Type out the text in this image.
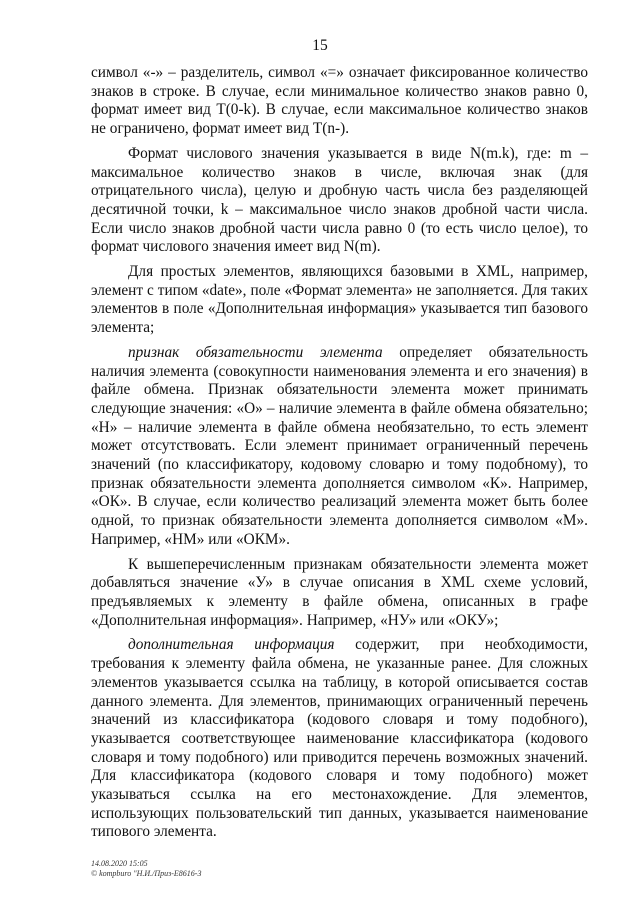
15

символ «-» – разделитель, символ «=» означает фиксированное количество знаков в строке. В случае, если минимальное количество знаков равно 0, формат имеет вид T(0-k). В случае, если максимальное количество знаков не ограничено, формат имеет вид T(n-).

Формат числового значения указывается в виде N(m.k), где: m – максимальное количество знаков в числе, включая знак (для отрицательного числа), целую и дробную часть числа без разделяющей десятичной точки, k – максимальное число знаков дробной части числа. Если число знаков дробной части числа равно 0 (то есть число целое), то формат числового значения имеет вид N(m).

Для простых элементов, являющихся базовыми в XML, например, элемент с типом «date», поле «Формат элемента» не заполняется. Для таких элементов в поле «Дополнительная информация» указывается тип базового элемента;

признак обязательности элемента определяет обязательность наличия элемента (совокупности наименования элемента и его значения) в файле обмена. Признак обязательности элемента может принимать следующие значения: «О» – наличие элемента в файле обмена обязательно; «Н» – наличие элемента в файле обмена необязательно, то есть элемент может отсутствовать. Если элемент принимает ограниченный перечень значений (по классификатору, кодовому словарю и тому подобному), то признак обязательности элемента дополняется символом «К». Например, «ОК». В случае, если количество реализаций элемента может быть более одной, то признак обязательности элемента дополняется символом «М». Например, «НМ» или «ОКМ».

К вышеперечисленным признакам обязательности элемента может добавляться значение «У» в случае описания в XML схеме условий, предъявляемых к элементу в файле обмена, описанных в графе «Дополнительная информация». Например, «НУ» или «ОКУ»;

дополнительная информация содержит, при необходимости, требования к элементу файла обмена, не указанные ранее. Для сложных элементов указывается ссылка на таблицу, в которой описывается состав данного элемента. Для элементов, принимающих ограниченный перечень значений из классификатора (кодового словаря и тому подобного), указывается соответствующее наименование классификатора (кодового словаря и тому подобного) или приводится перечень возможных значений. Для классификатора (кодового словаря и тому подобного) может указываться ссылка на его местонахождение. Для элементов, использующих пользовательский тип данных, указывается наименование типового элемента.

14.08.2020 15:05
© kompburo "Н.И./Приз-Е8616-3
